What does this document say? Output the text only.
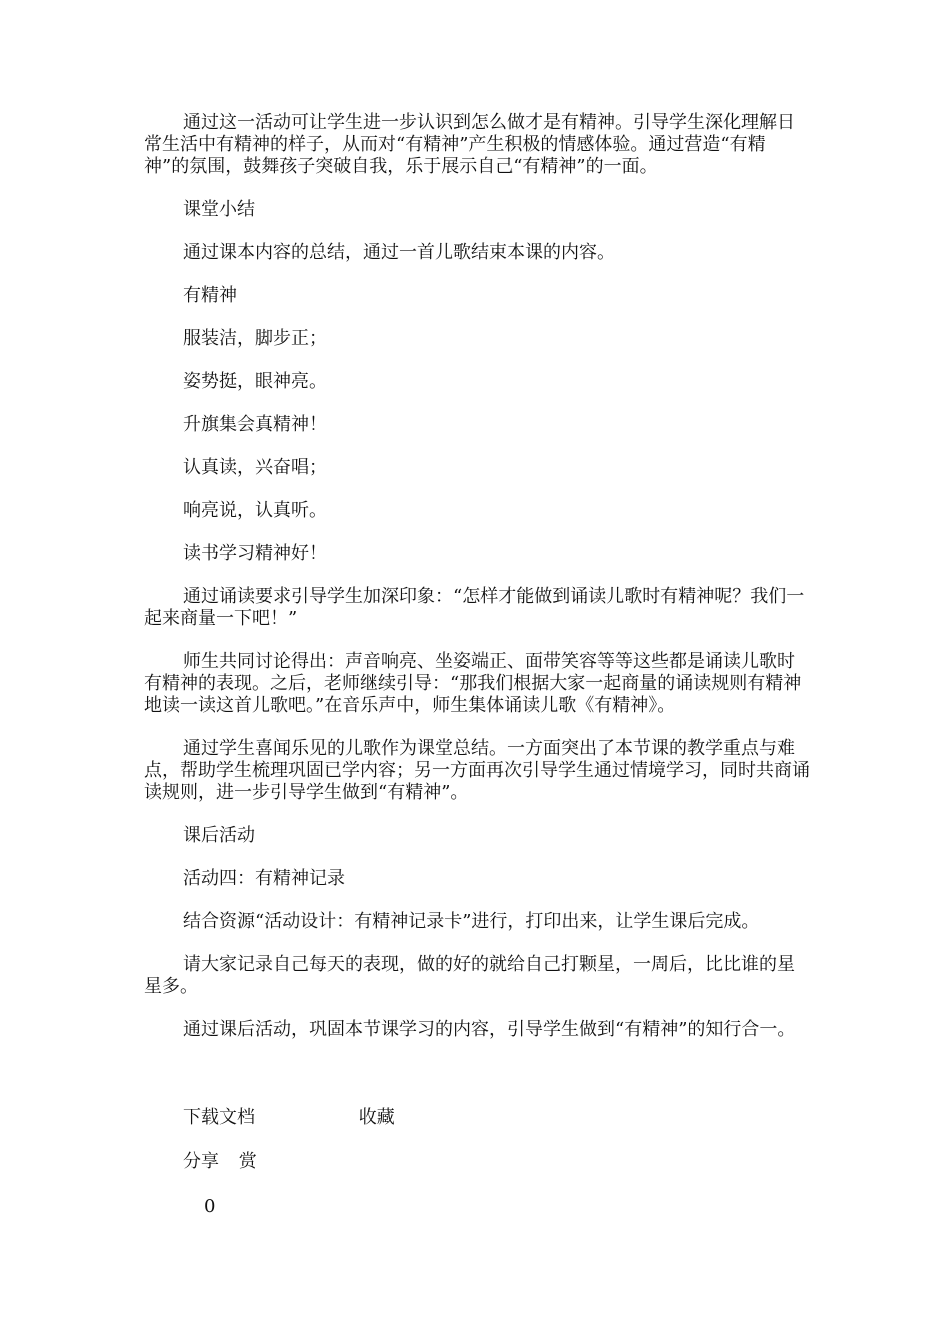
通过这一活动可让学生进一步认识到怎么做才是有精神。引导学生深化理解日常生活中有精神的样子，从而对“有精神”产生积极的情感体验。通过营造“有精神”的氛围，鼓舞孩子突破自我，乐于展示自己“有精神”的一面。

课堂小结

通过课本内容的总结，通过一首儿歌结束本课的内容。

有精神

服装洁，脚步正；

姿势挺，眼神亮。

升旗集会真精神！

认真读，兴奋唱；

响亮说，认真听。

读书学习精神好！

通过诵读要求引导学生加深印象：“怎样才能做到诵读儿歌时有精神呢？我们一起来商量一下吧！”

师生共同讨论得出：声音响亮、坐姿端正、面带笑容等等这些都是诵读儿歌时有精神的表现。之后，老师继续引导：“那我们根据大家一起商量的诵读规则有精神地读一读这首儿歌吧。”在音乐声中，师生集体诵读儿歌《有精神》。

通过学生喜闻乐见的儿歌作为课堂总结。一方面突出了本节课的教学重点与难点，帮助学生梳理巩固已学内容；另一方面再次引导学生通过情境学习，同时共商诵读规则，进一步引导学生做到“有精神”。

课后活动

活动四：有精神记录

结合资源“活动设计：有精神记录卡”进行，打印出来，让学生课后完成。

请大家记录自己每天的表现，做的好的就给自己打颗星，一周后，比比谁的星星多。

通过课后活动，巩固本节课学习的内容，引导学生做到“有精神”的知行合一。

下载文档	收藏
分享 赏
0
